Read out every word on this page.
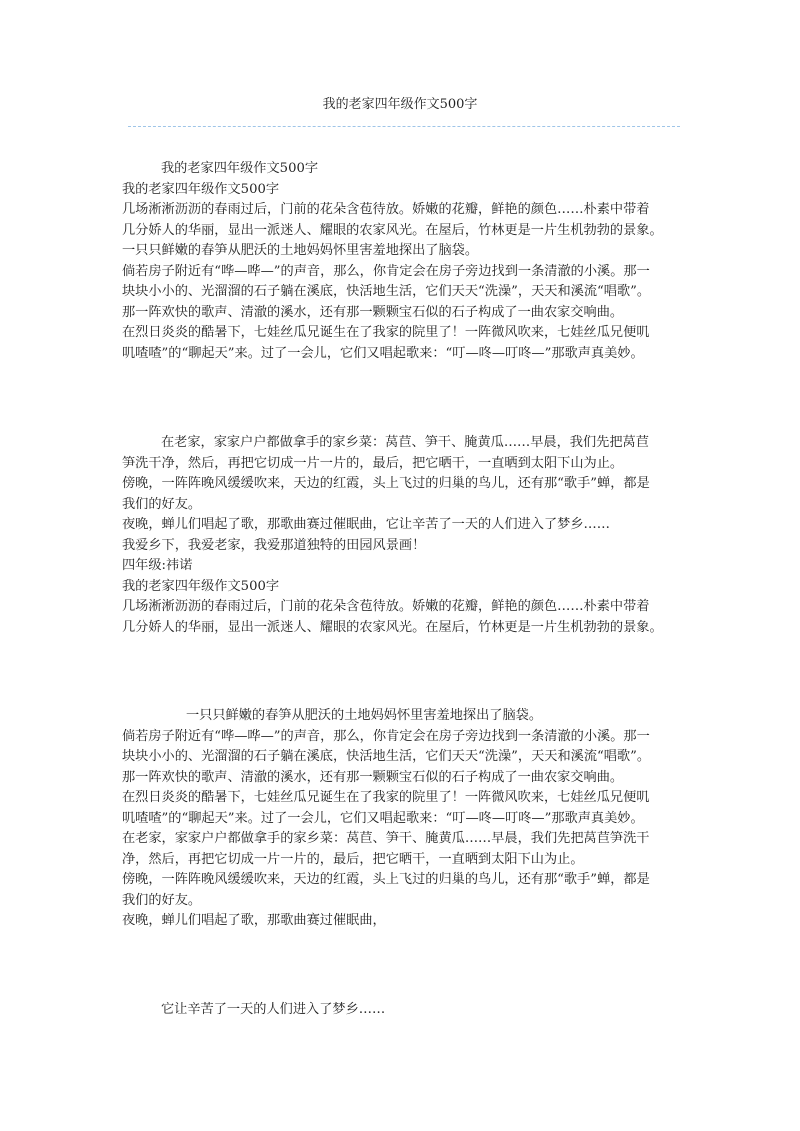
我的老家四年级作文500字
我的老家四年级作文500字
我的老家四年级作文500字
几场淅淅沥沥的春雨过后，门前的花朵含苞待放。娇嫩的花瓣，鲜艳的颜色……朴素中带着
几分娇人的华丽，显出一派迷人、耀眼的农家风光。在屋后，竹林更是一片生机勃勃的景象。
一只只鲜嫩的春笋从肥沃的土地妈妈怀里害羞地探出了脑袋。
倘若房子附近有“哗—哗—”的声音，那么，你肯定会在房子旁边找到一条清澈的小溪。那一
块块小小的、光溜溜的石子躺在溪底，快活地生活，它们天天“洗澡”，天天和溪流“唱歌”。
那一阵欢快的歌声、清澈的溪水，还有那一颗颗宝石似的石子构成了一曲农家交响曲。
在烈日炎炎的酷暑下，七娃丝瓜兄诞生在了我家的院里了！一阵微风吹来，七娃丝瓜兄便叽
叽喳喳”的“聊起天”来。过了一会儿，它们又唱起歌来：“叮—咚—叮咚—”那歌声真美妙。
在老家，家家户户都做拿手的家乡菜：莴苣、笋干、腌黄瓜……早晨，我们先把莴苣
笋洗干净，然后，再把它切成一片一片的，最后，把它晒干，一直晒到太阳下山为止。
傍晚，一阵阵晚风缓缓吹来，天边的红霞，头上飞过的归巢的鸟儿，还有那“歌手”蝉，都是
我们的好友。
夜晚，蝉儿们唱起了歌，那歌曲赛过催眠曲，它让辛苦了一天的人们进入了梦乡……
我爱乡下，我爱老家，我爱那道独特的田园风景画！
四年级:祎诺
我的老家四年级作文500字
几场淅淅沥沥的春雨过后，门前的花朵含苞待放。娇嫩的花瓣，鲜艳的颜色……朴素中带着
几分娇人的华丽，显出一派迷人、耀眼的农家风光。在屋后，竹林更是一片生机勃勃的景象。
一只只鲜嫩的春笋从肥沃的土地妈妈怀里害羞地探出了脑袋。
倘若房子附近有“哗—哗—”的声音，那么，你肯定会在房子旁边找到一条清澈的小溪。那一
块块小小的、光溜溜的石子躺在溪底，快活地生活，它们天天“洗澡”，天天和溪流“唱歌”。
那一阵欢快的歌声、清澈的溪水，还有那一颗颗宝石似的石子构成了一曲农家交响曲。
在烈日炎炎的酷暑下，七娃丝瓜兄诞生在了我家的院里了！一阵微风吹来，七娃丝瓜兄便叽
叽喳喳”的“聊起天”来。过了一会儿，它们又唱起歌来：“叮—咚—叮咚—”那歌声真美妙。
在老家，家家户户都做拿手的家乡菜：莴苣、笋干、腌黄瓜……早晨，我们先把莴苣笋洗干
净，然后，再把它切成一片一片的，最后，把它晒干，一直晒到太阳下山为止。
傍晚，一阵阵晚风缓缓吹来，天边的红霞，头上飞过的归巢的鸟儿，还有那“歌手”蝉，都是
我们的好友。
夜晚，蝉儿们唱起了歌，那歌曲赛过催眠曲，
它让辛苦了一天的人们进入了梦乡……
